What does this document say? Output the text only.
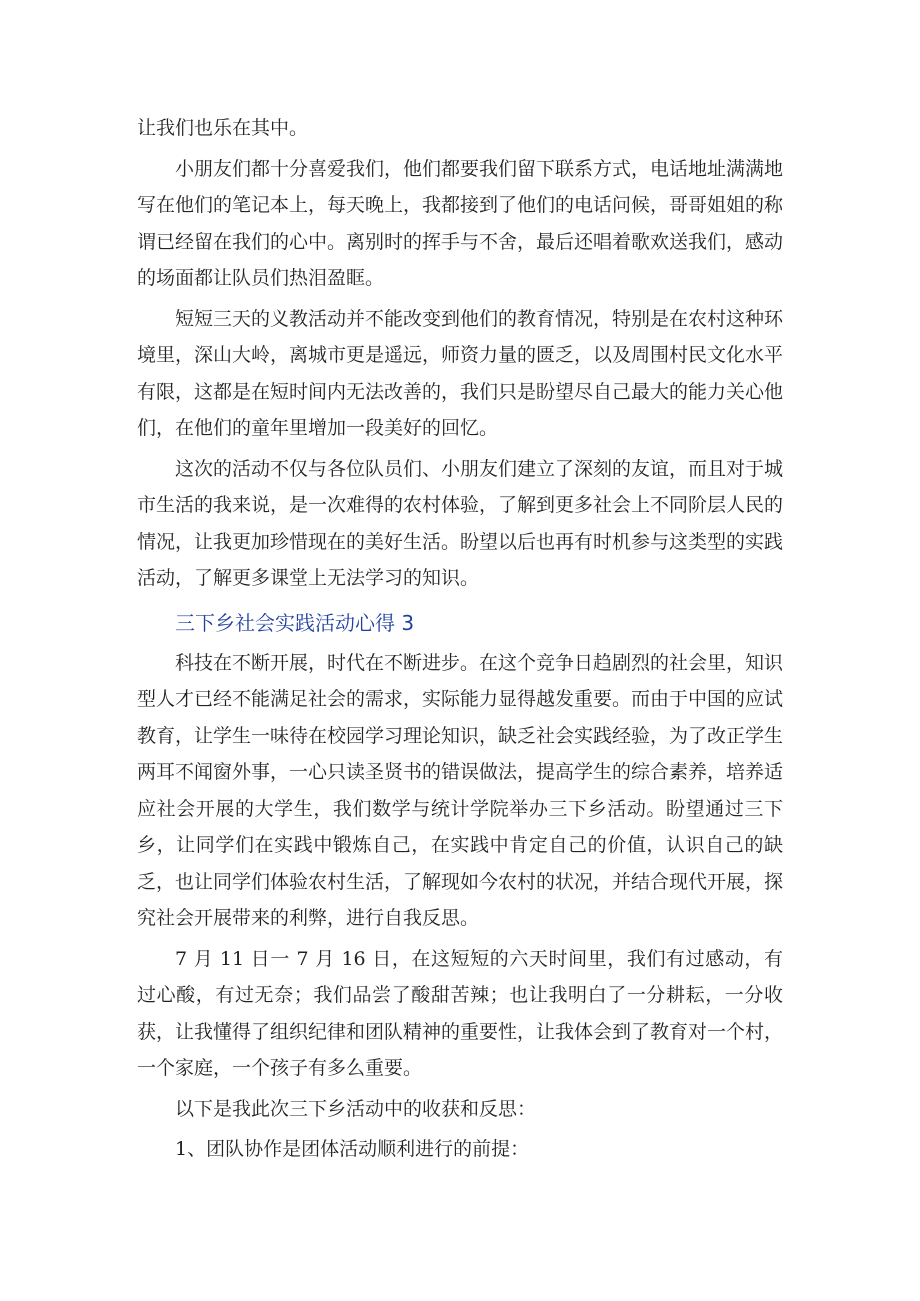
让我们也乐在其中。

小朋友们都十分喜爱我们，他们都要我们留下联系方式，电话地址满满地写在他们的笔记本上，每天晚上，我都接到了他们的电话问候，哥哥姐姐的称谓已经留在我们的心中。离别时的挥手与不舍，最后还唱着歌欢送我们，感动的场面都让队员们热泪盈眶。

短短三天的义教活动并不能改变到他们的教育情况，特别是在农村这种环境里，深山大岭，离城市更是遥远，师资力量的匮乏，以及周围村民文化水平有限，这都是在短时间内无法改善的，我们只是盼望尽自己最大的能力关心他们，在他们的童年里增加一段美好的回忆。

这次的活动不仅与各位队员们、小朋友们建立了深刻的友谊，而且对于城市生活的我来说，是一次难得的农村体验，了解到更多社会上不同阶层人民的情况，让我更加珍惜现在的美好生活。盼望以后也再有时机参与这类型的实践活动，了解更多课堂上无法学习的知识。

三下乡社会实践活动心得 3

科技在不断开展，时代在不断进步。在这个竞争日趋剧烈的社会里，知识型人才已经不能满足社会的需求，实际能力显得越发重要。而由于中国的应试教育，让学生一味待在校园学习理论知识，缺乏社会实践经验，为了改正学生两耳不闻窗外事，一心只读圣贤书的错误做法，提高学生的综合素养，培养适应社会开展的大学生，我们数学与统计学院举办三下乡活动。盼望通过三下乡，让同学们在实践中锻炼自己，在实践中肯定自己的价值，认识自己的缺乏，也让同学们体验农村生活，了解现如今农村的状况，并结合现代开展，探究社会开展带来的利弊，进行自我反思。

7 月 11 日一 7 月 16 日，在这短短的六天时间里，我们有过感动，有过心酸，有过无奈；我们品尝了酸甜苦辣；也让我明白了一分耕耘，一分收获，让我懂得了组织纪律和团队精神的重要性，让我体会到了教育对一个村，一个家庭，一个孩子有多么重要。

以下是我此次三下乡活动中的收获和反思：

1、团队协作是团体活动顺利进行的前提：
